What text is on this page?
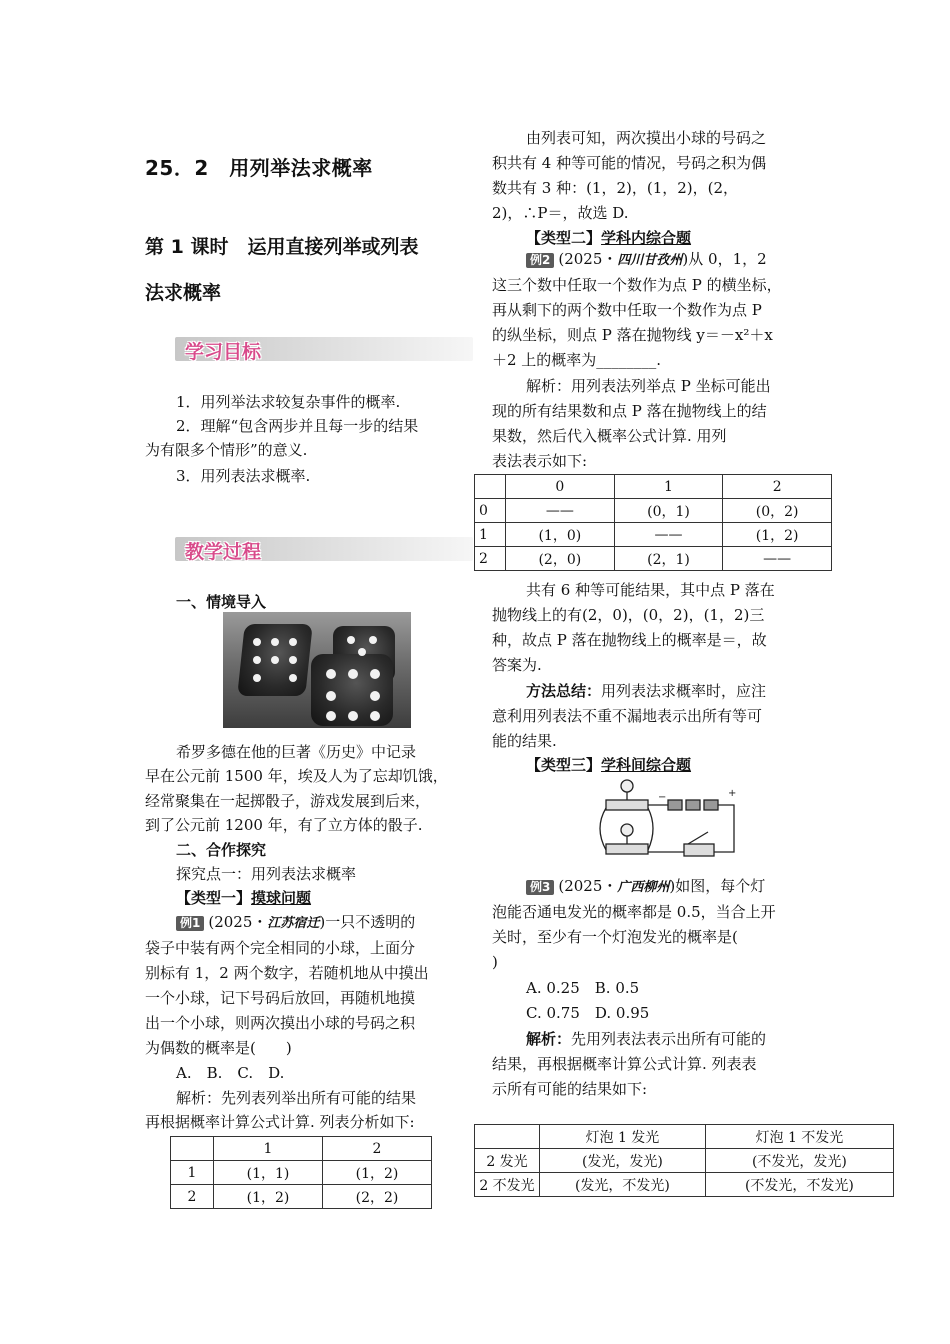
25．2　用列举法求概率
第 1 课时　运用直接列举或列表
法求概率
学习目标
1．用列举法求较复杂事件的概率.
2．理解“包含两步并且每一步的结果
为有限多个情形”的意义.
3．用列表法求概率.
教学过程
一、情境导入
希罗多德在他的巨著《历史》中记录
早在公元前 1500 年，埃及人为了忘却饥饿，
经常聚集在一起掷骰子，游戏发展到后来，
到了公元前 1200 年，有了立方体的骰子.
二、合作探究
探究点一：用列表法求概率
【类型一】摸球问题
例1 (2025・江苏宿迁)一只不透明的
袋子中装有两个完全相同的小球，上面分
别标有 1，2 两个数字，若随机地从中摸出
一个小球，记下号码后放回，再随机地摸
出一个小球，则两次摸出小球的号码之积
为偶数的概率是(　　)
A.　B.　C.　D.
解析：先列表列举出所有可能的结果
再根据概率计算公式计算. 列表分析如下:
	1	2
1	(1，1)	(1，2)
2	(1，2)	(2，2)
由列表可知，两次摸出小球的号码之
积共有 4 种等可能的情况，号码之积为偶
数共有 3 种：(1，2)，(1，2)，(2，
2)，∴P＝，故选 D.
【类型二】学科内综合题
例2 (2025・四川甘孜州)从 0，1，2
这三个数中任取一个数作为点 P 的横坐标，
再从剩下的两个数中任取一个数作为点 P
的纵坐标，则点 P 落在抛物线 y＝－x²＋x
＋2 上的概率为________.
解析：用列表法列举点 P 坐标可能出
现的所有结果数和点 P 落在抛物线上的结
果数，然后代入概率公式计算. 用列
表法表示如下:
	0	1	2
0	——	(0，1)	(0，2)
1	(1，0)	——	(1，2)
2	(2，0)	(2，1)	——
共有 6 种等可能结果，其中点 P 落在
抛物线上的有(2，0)，(0，2)，(1，2)三
种，故点 P 落在抛物线上的概率是＝，故
答案为.
方法总结：用列表法求概率时，应注
意利用列表法不重不漏地表示出所有等可
能的结果.
【类型三】学科间综合题
+
−
例3 (2025・广西柳州)如图，每个灯
泡能否通电发光的概率都是 0.5，当合上开
关时，至少有一个灯泡发光的概率是(
)
A. 0.25　B. 0.5
C. 0.75　D. 0.95
解析：先用列表法表示出所有可能的
结果，再根据概率计算公式计算. 列表表
示所有可能的结果如下:
	灯泡 1 发光	灯泡 1 不发光
2 发光	(发光，发光)	(不发光，发光)
2 不发光	(发光，不发光)	(不发光，不发光)
